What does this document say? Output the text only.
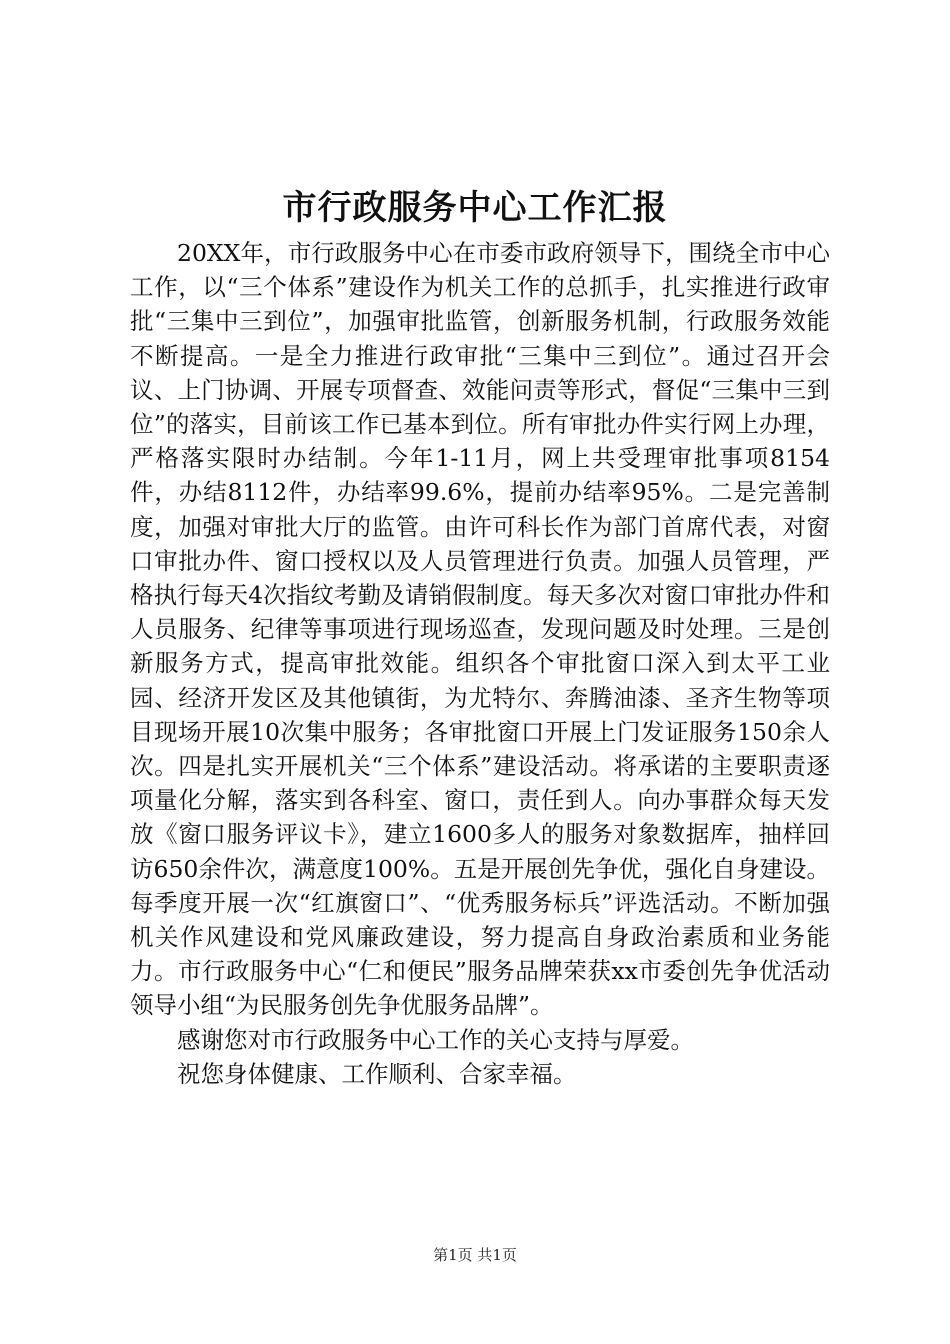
市行政服务中心工作汇报

20XX年，市行政服务中心在市委市政府领导下，围绕全市中心工作，以“三个体系”建设作为机关工作的总抓手，扎实推进行政审批“三集中三到位”，加强审批监管，创新服务机制，行政服务效能不断提高。一是全力推进行政审批“三集中三到位”。通过召开会议、上门协调、开展专项督查、效能问责等形式，督促“三集中三到位”的落实，目前该工作已基本到位。所有审批办件实行网上办理，严格落实限时办结制。今年1-11月，网上共受理审批事项8154件，办结8112件，办结率99.6%，提前办结率95%。二是完善制度，加强对审批大厅的监管。由许可科长作为部门首席代表，对窗口审批办件、窗口授权以及人员管理进行负责。加强人员管理，严格执行每天4次指纹考勤及请销假制度。每天多次对窗口审批办件和人员服务、纪律等事项进行现场巡查，发现问题及时处理。三是创新服务方式，提高审批效能。组织各个审批窗口深入到太平工业园、经济开发区及其他镇街，为尤特尔、奔腾油漆、圣齐生物等项目现场开展10次集中服务；各审批窗口开展上门发证服务150余人次。四是扎实开展机关“三个体系”建设活动。将承诺的主要职责逐项量化分解，落实到各科室、窗口，责任到人。向办事群众每天发放《窗口服务评议卡》，建立1600多人的服务对象数据库，抽样回访650余件次，满意度100%。五是开展创先争优，强化自身建设。每季度开展一次“红旗窗口”、“优秀服务标兵”评选活动。不断加强机关作风建设和党风廉政建设，努力提高自身政治素质和业务能力。市行政服务中心“仁和便民”服务品牌荣获xx市委创先争优活动领导小组“为民服务创先争优服务品牌”。

感谢您对市行政服务中心工作的关心支持与厚爱。

祝您身体健康、工作顺利、合家幸福。

第1页 共1页
